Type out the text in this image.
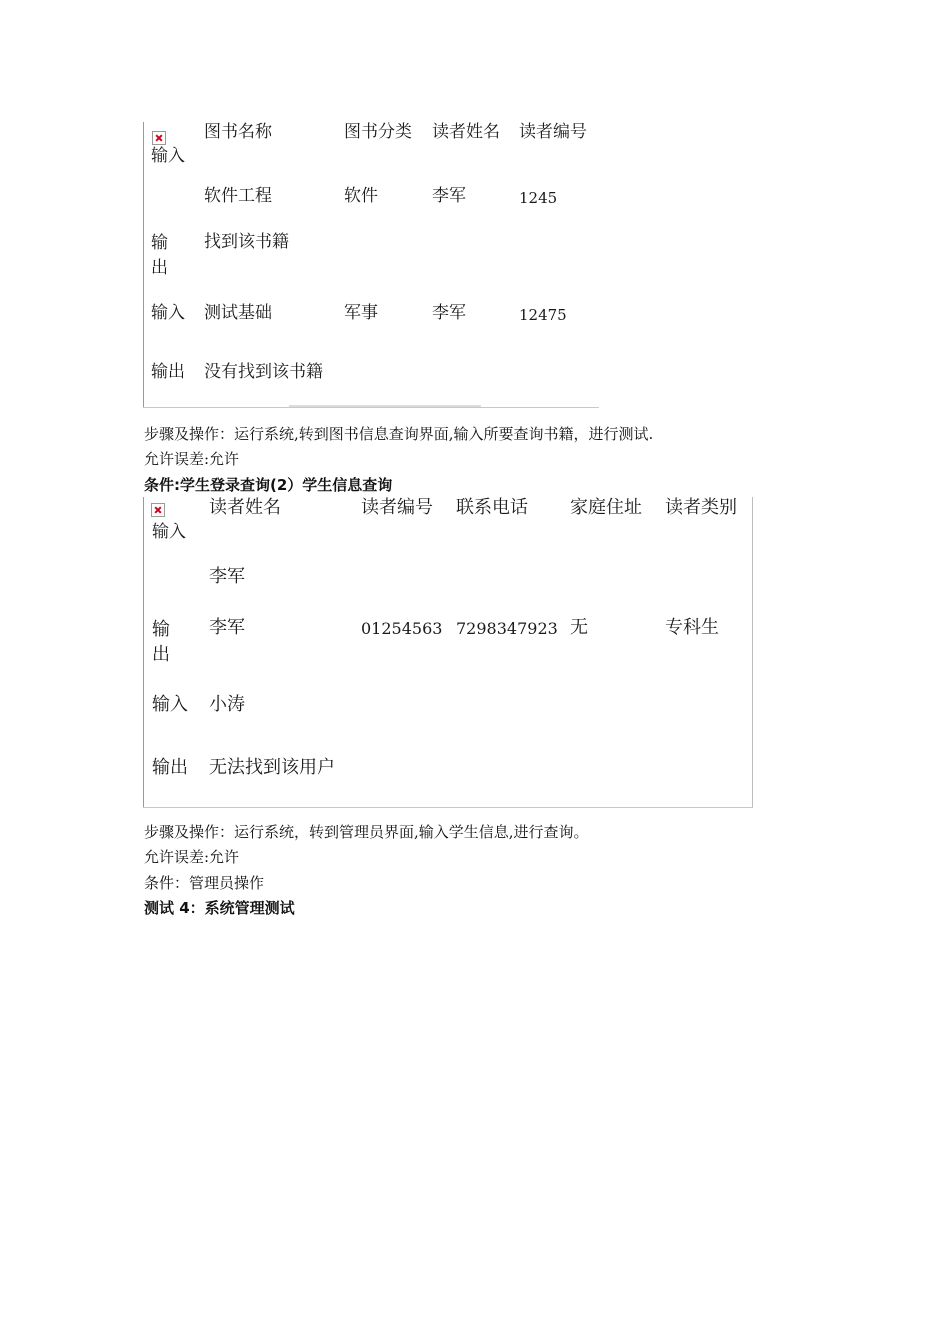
输入
图书名称	图书分类 读者姓名 读者编号
软件工程	软件	李军	1245
输出
找到该书籍
输入 测试基础	军事	李军	12475
输出 没有找到该书籍
步骤及操作：运行系统,转到图书信息查询界面,输入所要查询书籍，进行测试.
允许误差:允许
条件:学生登录查询(2）学生信息查询
输入
读者姓名	读者编号 联系电话 家庭住址 读者类别
李军
输出
李军	01254563 7298347923 无	专科生
输入 小涛
输出 无法找到该用户
步骤及操作：运行系统，转到管理员界面,输入学生信息,进行查询。
允许误差:允许
条件：管理员操作
测试 4：系统管理测试
